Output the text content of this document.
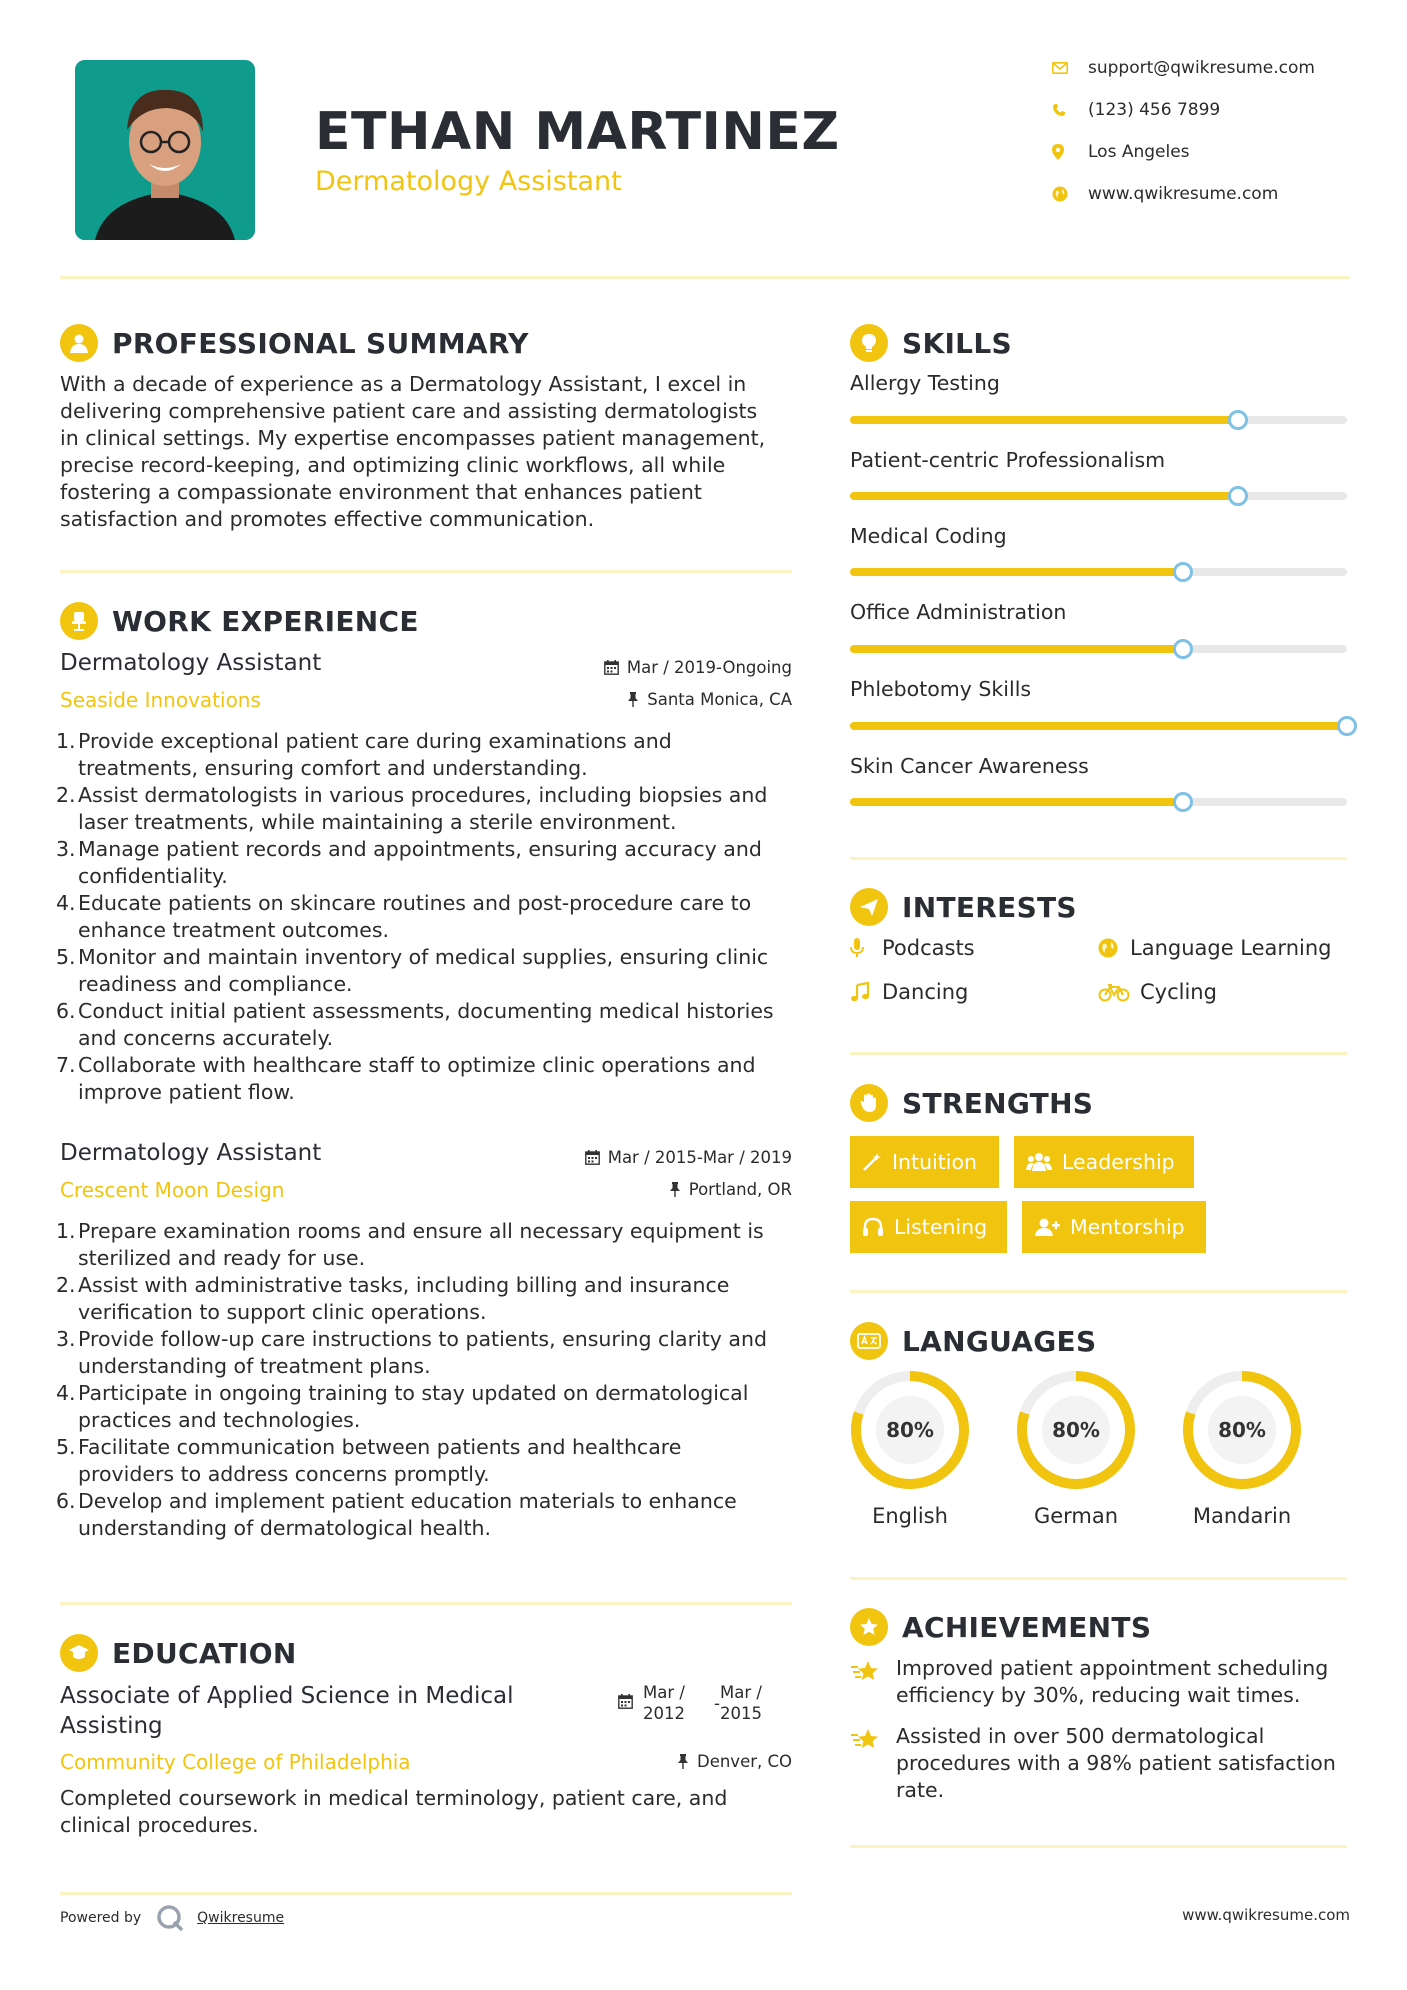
ETHAN MARTINEZ
Dermatology Assistant
support@qwikresume.com
(123) 456 7899
Los Angeles
www.qwikresume.com
PROFESSIONAL SUMMARY
With a decade of experience as a Dermatology Assistant, I excel in
delivering comprehensive patient care and assisting dermatologists
in clinical settings. My expertise encompasses patient management,
precise record-keeping, and optimizing clinic workflows, all while
fostering a compassionate environment that enhances patient
satisfaction and promotes effective communication.
WORK EXPERIENCE
Dermatology Assistant	Mar / 2019-Ongoing
Seaside Innovations	Santa Monica, CA
1. Provide exceptional patient care during examinations and
treatments, ensuring comfort and understanding.
2. Assist dermatologists in various procedures, including biopsies and
laser treatments, while maintaining a sterile environment.
3. Manage patient records and appointments, ensuring accuracy and
confidentiality.
4. Educate patients on skincare routines and post-procedure care to
enhance treatment outcomes.
5. Monitor and maintain inventory of medical supplies, ensuring clinic
readiness and compliance.
6. Conduct initial patient assessments, documenting medical histories
and concerns accurately.
7. Collaborate with healthcare staff to optimize clinic operations and
improve patient flow.
Dermatology Assistant	Mar / 2015-Mar / 2019
Crescent Moon Design	Portland, OR
1. Prepare examination rooms and ensure all necessary equipment is
sterilized and ready for use.
2. Assist with administrative tasks, including billing and insurance
verification to support clinic operations.
3. Provide follow-up care instructions to patients, ensuring clarity and
understanding of treatment plans.
4. Participate in ongoing training to stay updated on dermatological
practices and technologies.
5. Facilitate communication between patients and healthcare
providers to address concerns promptly.
6. Develop and implement patient education materials to enhance
understanding of dermatological health.
EDUCATION
Associate of Applied Science in Medical
Assisting
Mar /
2012
-
Mar /
2015
Community College of Philadelphia	Denver, CO
Completed coursework in medical terminology, patient care, and
clinical procedures.
SKILLS
Allergy Testing
Patient-centric Professionalism
Medical Coding
Office Administration
Phlebotomy Skills
Skin Cancer Awareness
INTERESTS
Podcasts	Language Learning
Dancing	Cycling
STRENGTHS
Intuition	Leadership
Listening	Mentorship
LANGUAGES
80%
English
80%
German
80%
Mandarin
ACHIEVEMENTS
Improved patient appointment scheduling
efficiency by 30%, reducing wait times.
Assisted in over 500 dermatological
procedures with a 98% patient satisfaction
rate.
Powered by	Qwikresume	www.qwikresume.com
